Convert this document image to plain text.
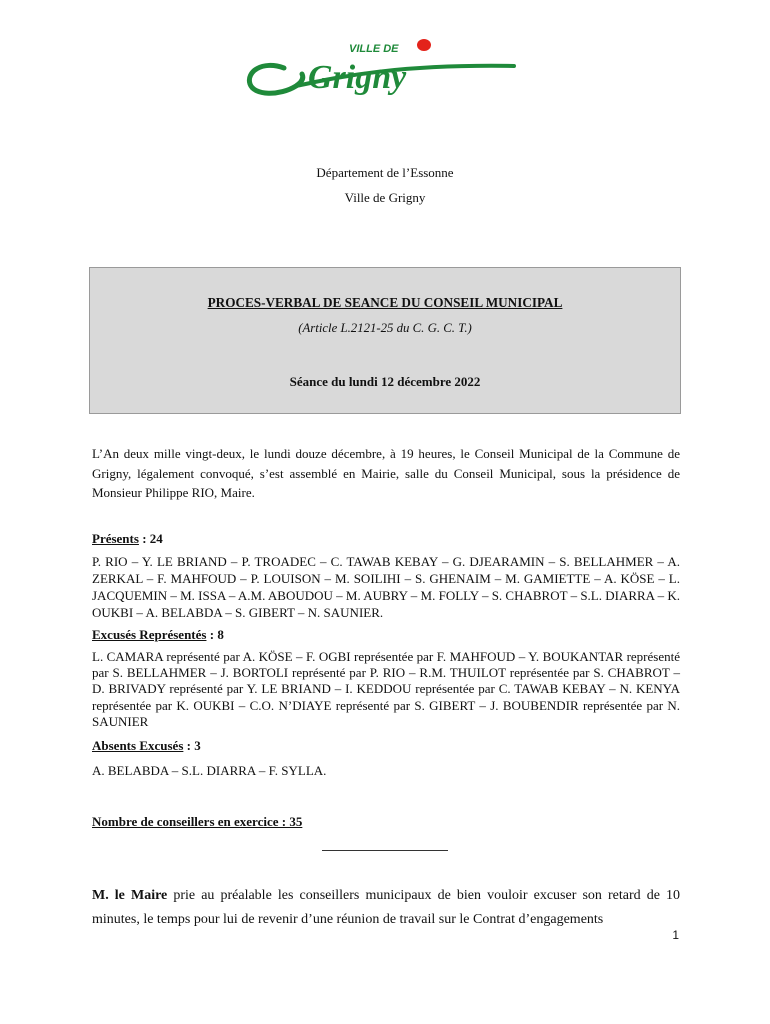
VILLE DE
Grigny
Département de l’Essonne
Ville de Grigny
PROCES-VERBAL DE SEANCE DU CONSEIL MUNICIPAL
(Article L.2121-25 du C. G. C. T.)
Séance du lundi 12 décembre 2022
L’An deux mille vingt-deux, le lundi douze décembre, à 19 heures, le Conseil Municipal de la Commune de Grigny, légalement convoqué, s’est assemblé en Mairie, salle du Conseil Municipal, sous la présidence de Monsieur Philippe RIO, Maire.
Présents : 24
P. RIO – Y. LE BRIAND – P. TROADEC – C. TAWAB KEBAY – G. DJEARAMIN – S. BELLAHMER – A. ZERKAL – F. MAHFOUD – P. LOUISON – M. SOILIHI – S. GHENAIM – M. GAMIETTE – A. KÖSE – L. JACQUEMIN – M. ISSA – A.M. ABOUDOU – M. AUBRY – M. FOLLY – S. CHABROT – S.L. DIARRA – K. OUKBI – A. BELABDA – S. GIBERT – N. SAUNIER.
Excusés Représentés : 8
L. CAMARA représenté par A. KÖSE – F. OGBI représentée par F. MAHFOUD – Y. BOUKANTAR représenté par S. BELLAHMER – J. BORTOLI représenté par P. RIO – R.M. THUILOT représentée par S. CHABROT – D. BRIVADY représenté par Y. LE BRIAND – I. KEDDOU représentée par C. TAWAB KEBAY – N. KENYA représentée par K. OUKBI – C.O. N’DIAYE représenté par S. GIBERT – J. BOUBENDIR représentée par N. SAUNIER
Absents Excusés : 3
A. BELABDA – S.L. DIARRA – F. SYLLA.
Nombre de conseillers en exercice : 35
M. le Maire prie au préalable les conseillers municipaux de bien vouloir excuser son retard de 10 minutes, le temps pour lui de revenir d’une réunion de travail sur le Contrat d’engagements
1
